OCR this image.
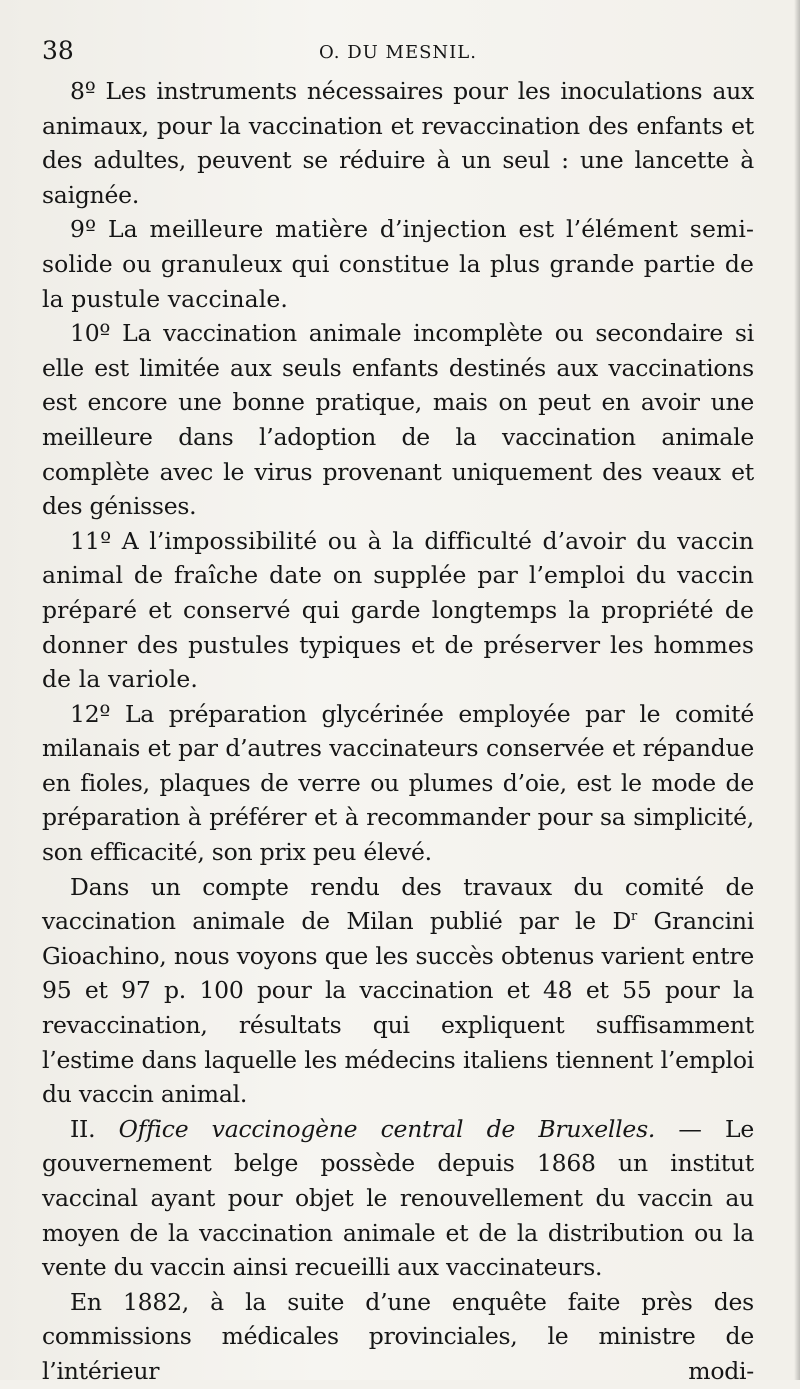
38	O. DU MESNIL.

8º Les instruments nécessaires pour les inoculations aux animaux, pour la vaccination et revaccination des enfants et des adultes, peuvent se réduire à un seul : une lancette à saignée.

9º La meilleure matière d’injection est l’élément semi-solide ou granuleux qui constitue la plus grande partie de la pustule vaccinale.

10º La vaccination animale incomplète ou secondaire si elle est limitée aux seuls enfants destinés aux vaccinations est encore une bonne pratique, mais on peut en avoir une meilleure dans l’adoption de la vaccination animale complète avec le virus provenant uniquement des veaux et des génisses.

11º A l’impossibilité ou à la difficulté d’avoir du vaccin animal de fraîche date on supplée par l’emploi du vaccin préparé et conservé qui garde longtemps la propriété de donner des pustules typiques et de préserver les hommes de la variole.

12º La préparation glycérinée employée par le comité milanais et par d’autres vaccinateurs conservée et répandue en fioles, plaques de verre ou plumes d’oie, est le mode de préparation à préférer et à recommander pour sa simplicité, son efficacité, son prix peu élevé.

Dans un compte rendu des travaux du comité de vaccination animale de Milan publié par le $D^r$ Grancini Gioachino, nous voyons que les succès obtenus varient entre 95 et 97 p. 100 pour la vaccination et 48 et 55 pour la revaccination, résultats qui expliquent suffisamment l’estime dans laquelle les médecins italiens tiennent l’emploi du vaccin animal.

II. Office vaccinogène central de Bruxelles. — Le gouvernement belge possède depuis 1868 un institut vaccinal ayant pour objet le renouvellement du vaccin au moyen de la vaccination animale et de la distribution ou la vente du vaccin ainsi recueilli aux vaccinateurs.

En 1882, à la suite d’une enquête faite près des commissions médicales provinciales, le ministre de l’intérieur modi-
